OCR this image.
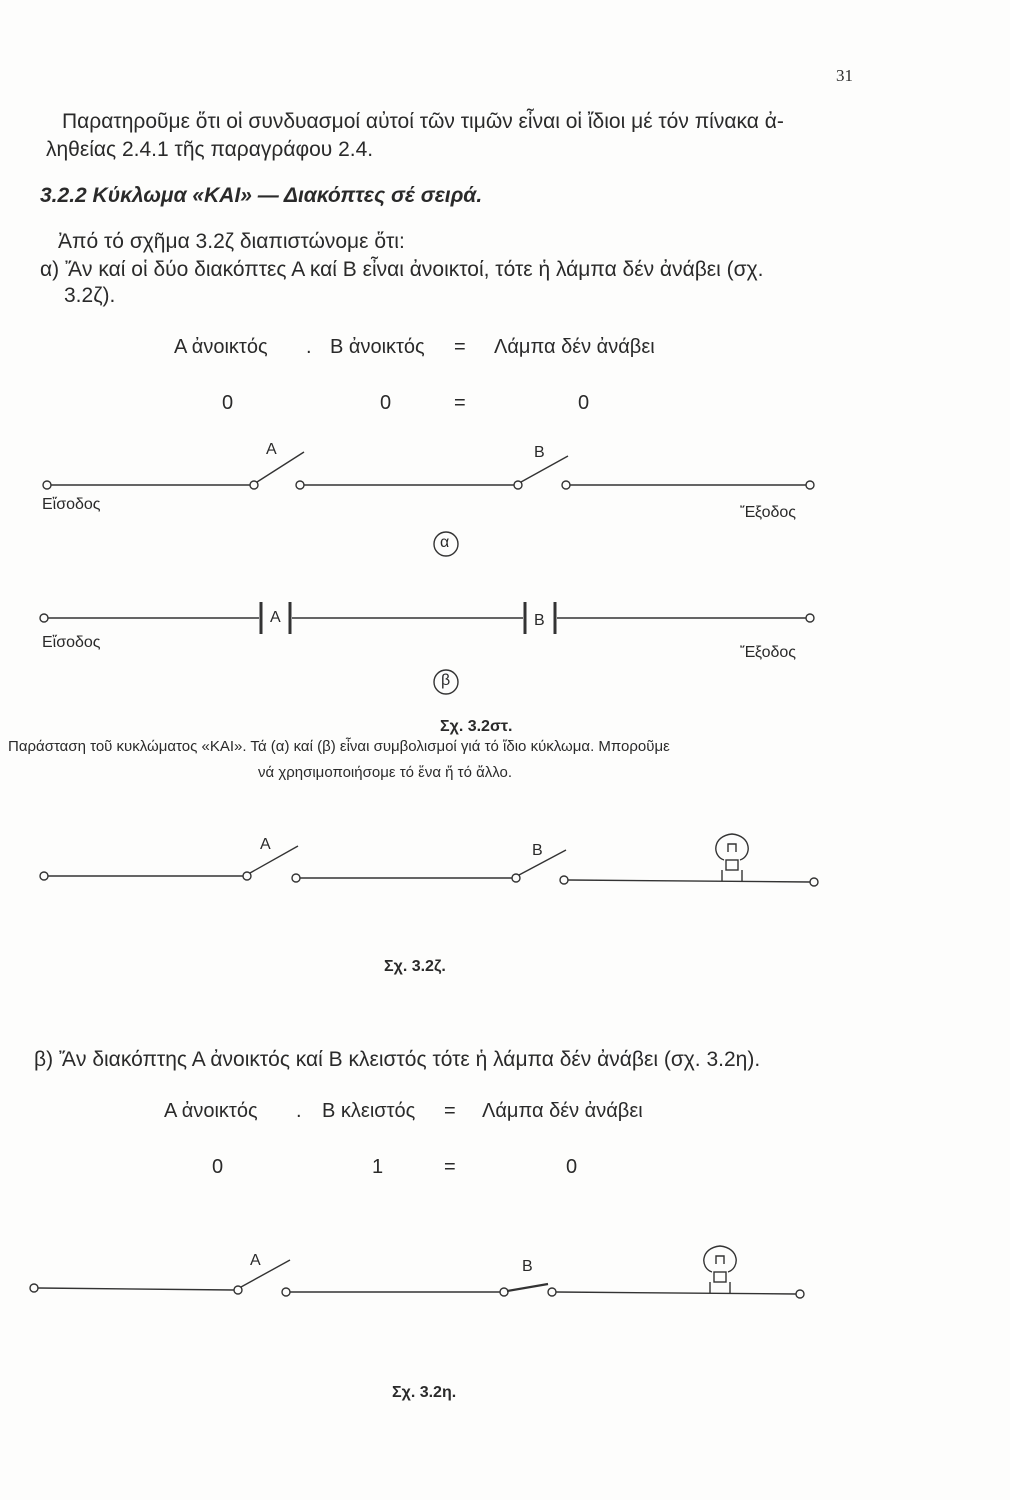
31
Παρατηροῦμε ὅτι οἱ συνδυασμοί αὐτοί τῶν τιμῶν εἶναι οἱ ἴδιοι μέ τόν πίνακα ἀ-
ληθείας 2.4.1 τῆς παραγράφου 2.4.
3.2.2 Κύκλωμα «ΚΑΙ» — Διακόπτες σέ σειρά.
Ἀπό τό σχῆμα 3.2ζ διαπιστώνομε ὅτι:
α) Ἄν καί οἱ δύο διακόπτες Α καί Β εἶναι ἀνοικτοί, τότε ἡ λάμπα δέν ἀνάβει (σχ.
3.2ζ).
Α ἀνοικτός . Β ἀνοικτός = Λάμπα δέν ἀνάβει
0	0	=	0
Α	Β
Εἴσοδος	Ἔξοδος
α
Α	Β
Εἴσοδος
Ἔξοδος
β
Σχ. 3.2στ.
Παράσταση τοῦ κυκλώματος «ΚΑΙ». Τά (α) καί (β) εἶναι συμβολισμοί γιά τό ἴδιο κύκλωμα. Μποροῦμε
νά χρησιμοποιήσομε τό ἕνα ἤ τό ἄλλο.
Α	Β
Σχ. 3.2ζ.
β) Ἄν διακόπτης Α ἀνοικτός καί Β κλειστός τότε ἡ λάμπα δέν ἀνάβει (σχ. 3.2η).
Α ἀνοικτός . Β κλειστός = Λάμπα δέν ἀνάβει
0	1	=	0
Α	Β
Σχ. 3.2η.
